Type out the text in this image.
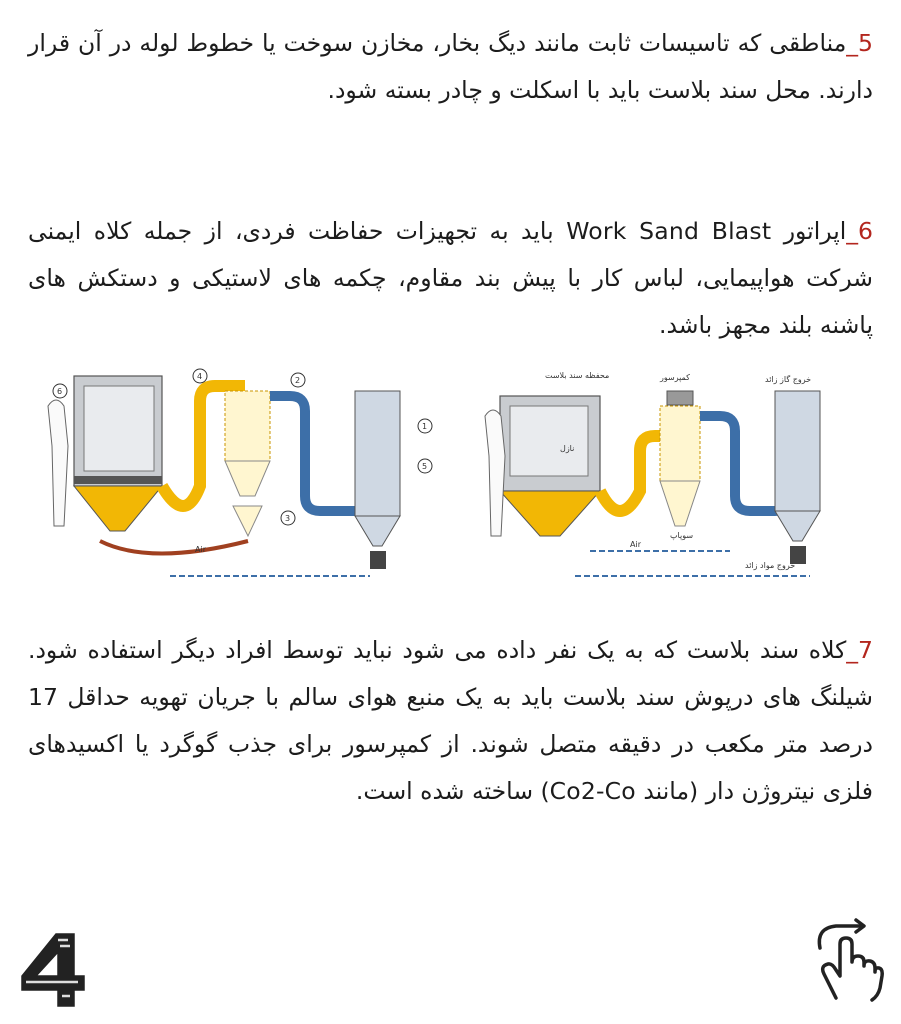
5_مناطقی که تاسیسات ثابت مانند دیگ بخار، مخازن سوخت یا خطوط لوله در آن قرار دارند. محل سند بلاست باید با اسکلت و چادر بسته شود.
6_اپراتور Work Sand Blast باید به تجهیزات حفاظت فردی، از جمله کلاه ایمنی شرکت هواپیمایی، لباس کار با پیش بند مقاوم، چکمه های لاستیکی و دستکش های پاشنه بلند مجهز باشد.
Air
6
4	2
1
5
3
محفظه سند بلاست	کمپرسور	خروج گاز زائد
نازل
سوپاپ
Air
خروج مواد زائد
7_کلاه سند بلاست که به یک نفر داده می شود نباید توسط افراد دیگر استفاده شود. شیلنگ های درپوش سند بلاست باید به یک منبع هوای سالم با جریان تهویه حداقل 17 درصد متر مکعب در دقیقه متصل شوند. از کمپرسور برای جذب گوگرد یا اکسیدهای فلزی نیتروژن دار (مانند Co2-Co) ساخته شده است.
